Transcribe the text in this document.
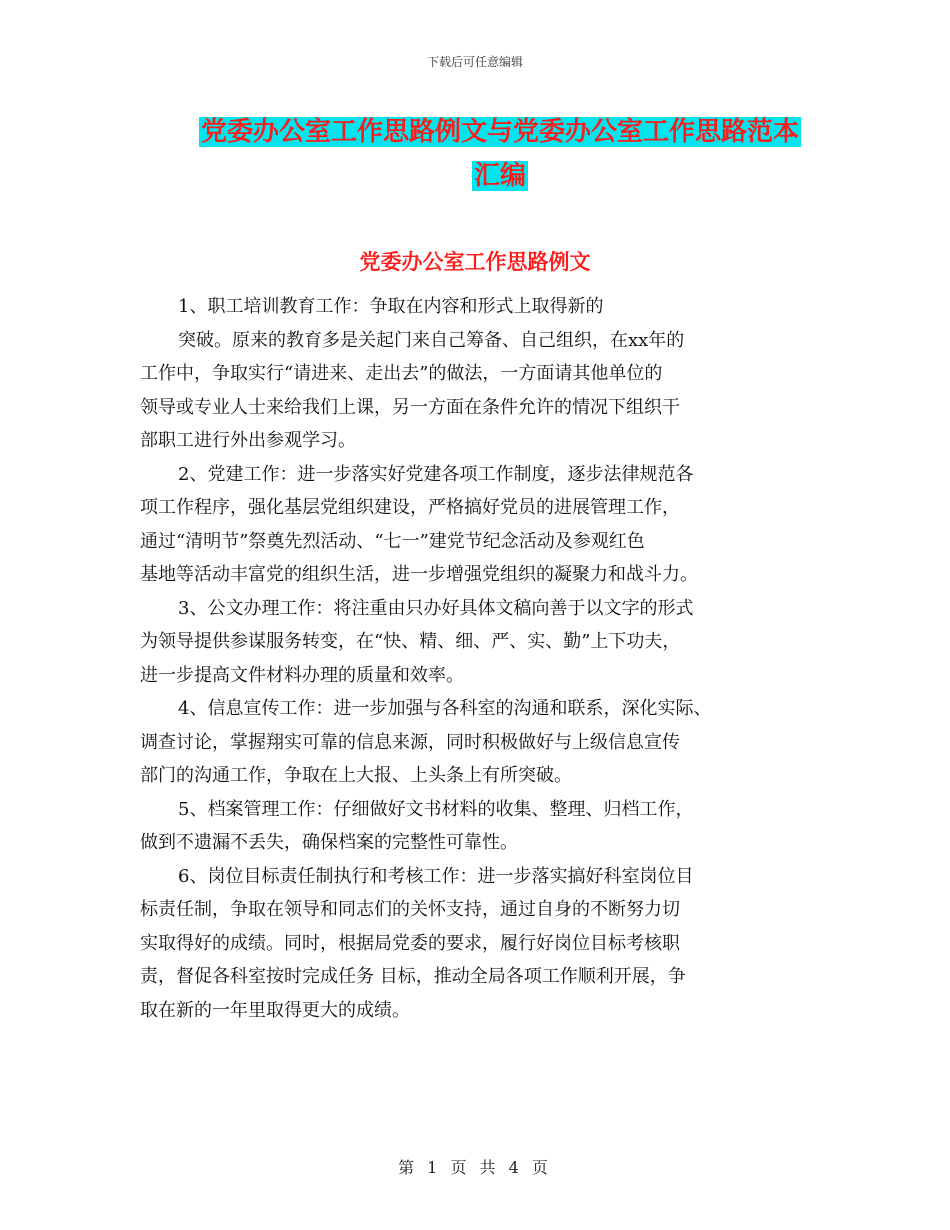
下载后可任意编辑
党委办公室工作思路例文与党委办公室工作思路范本
汇编
党委办公室工作思路例文

1、职工培训教育工作：争取在内容和形式上取得新的
突破。原来的教育多是关起门来自己筹备、自己组织，在xx年的
工作中，争取实行“请进来、走出去”的做法，一方面请其他单位的
领导或专业人士来给我们上课，另一方面在条件允许的情况下组织干
部职工进行外出参观学习。

2、党建工作：进一步落实好党建各项工作制度，逐步法律规范各
项工作程序，强化基层党组织建设，严格搞好党员的进展管理工作，
通过“清明节”祭奠先烈活动、“七一”建党节纪念活动及参观红色
基地等活动丰富党的组织生活，进一步增强党组织的凝聚力和战斗力。

3、公文办理工作：将注重由只办好具体文稿向善于以文字的形式
为领导提供参谋服务转变，在“快、精、细、严、实、勤”上下功夫，
进一步提高文件材料办理的质量和效率。

4、信息宣传工作：进一步加强与各科室的沟通和联系，深化实际、
调查讨论，掌握翔实可靠的信息来源，同时积极做好与上级信息宣传
部门的沟通工作，争取在上大报、上头条上有所突破。

5、档案管理工作：仔细做好文书材料的收集、整理、归档工作，
做到不遗漏不丢失，确保档案的完整性可靠性。

6、岗位目标责任制执行和考核工作：进一步落实搞好科室岗位目
标责任制，争取在领导和同志们的关怀支持，通过自身的不断努力切
实取得好的成绩。同时，根据局党委的要求，履行好岗位目标考核职
责，督促各科室按时完成任务 目标，推动全局各项工作顺利开展，争
取在新的一年里取得更大的成绩。

第 1 页 共 4 页
